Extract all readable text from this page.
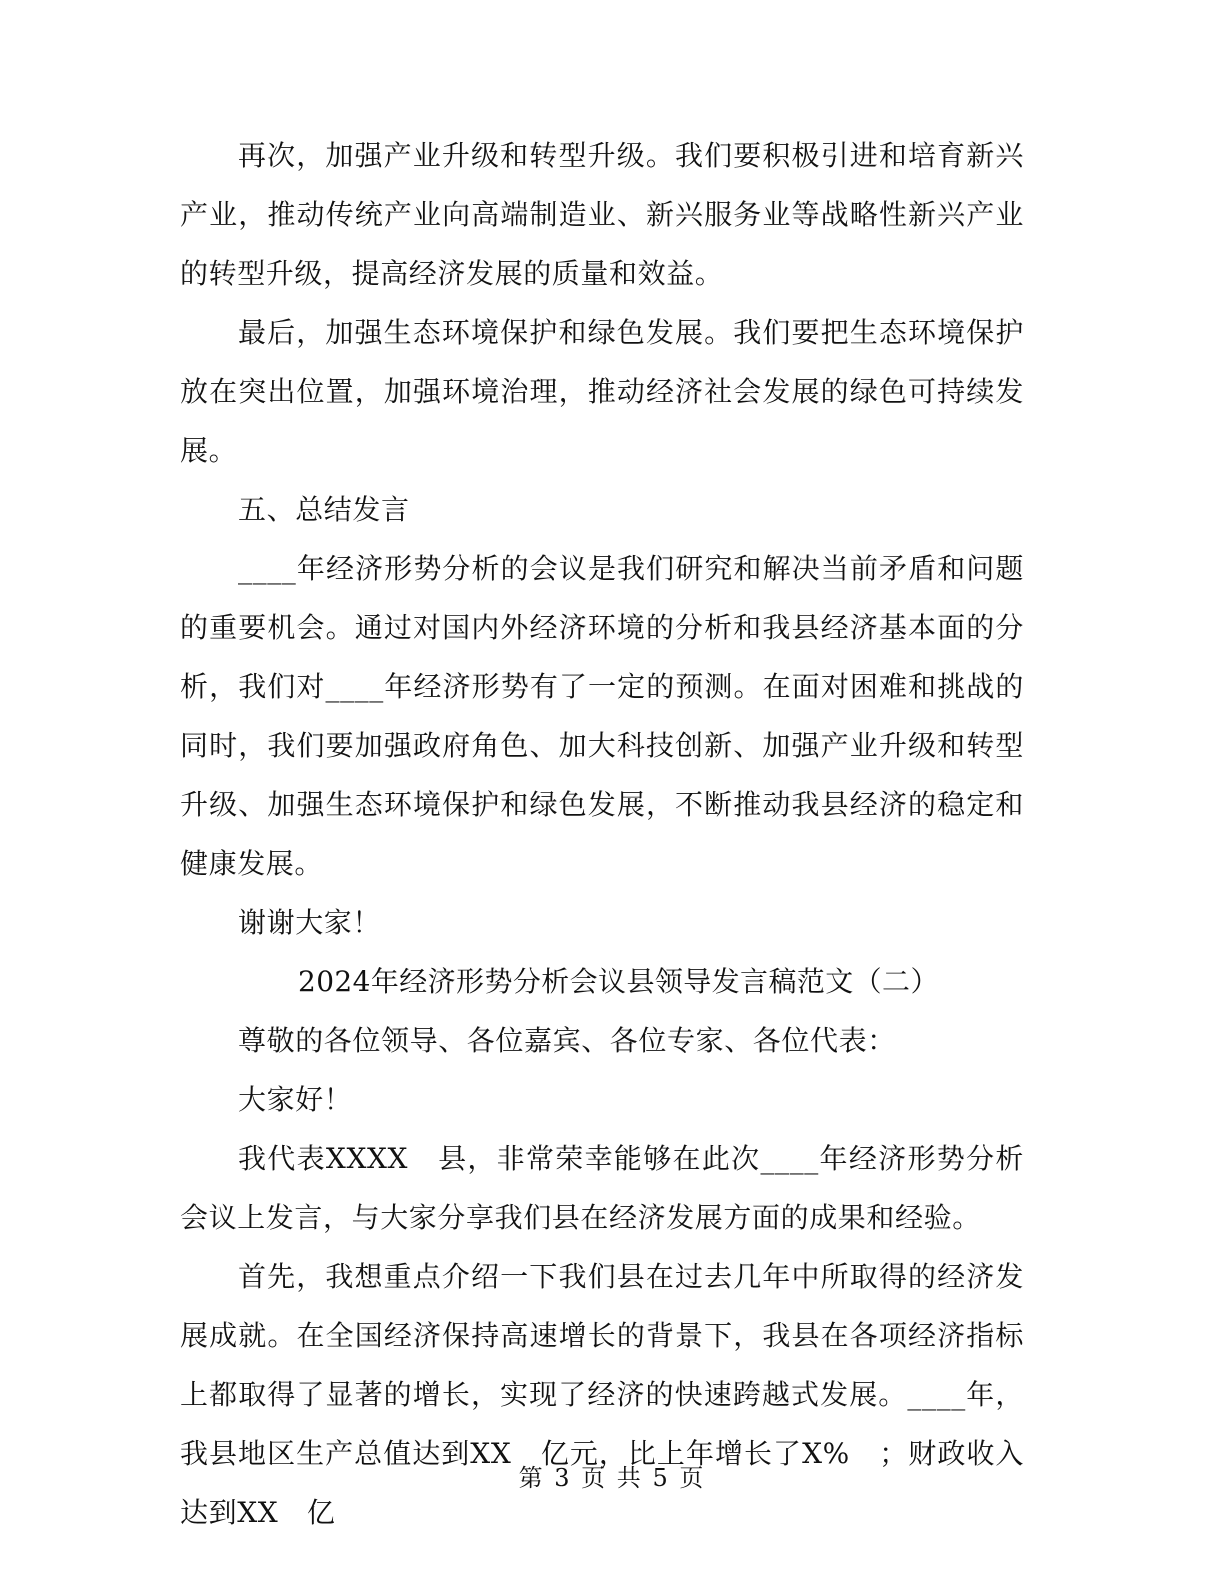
再次，加强产业升级和转型升级。我们要积极引进和培育新兴产业，推动传统产业向高端制造业、新兴服务业等战略性新兴产业的转型升级，提高经济发展的质量和效益。

最后，加强生态环境保护和绿色发展。我们要把生态环境保护放在突出位置，加强环境治理，推动经济社会发展的绿色可持续发展。

五、总结发言

____年经济形势分析的会议是我们研究和解决当前矛盾和问题的重要机会。通过对国内外经济环境的分析和我县经济基本面的分析，我们对____年经济形势有了一定的预测。在面对困难和挑战的同时，我们要加强政府角色、加大科技创新、加强产业升级和转型升级、加强生态环境保护和绿色发展，不断推动我县经济的稳定和健康发展。

谢谢大家！

2024年经济形势分析会议县领导发言稿范文（二）

尊敬的各位领导、各位嘉宾、各位专家、各位代表：

大家好！

我代表XXXX　县，非常荣幸能够在此次____年经济形势分析会议上发言，与大家分享我们县在经济发展方面的成果和经验。

首先，我想重点介绍一下我们县在过去几年中所取得的经济发展成就。在全国经济保持高速增长的背景下，我县在各项经济指标上都取得了显著的增长，实现了经济的快速跨越式发展。____年，我县地区生产总值达到XX　亿元，比上年增长了X%　；财政收入达到XX　亿

第 3 页 共 5 页
